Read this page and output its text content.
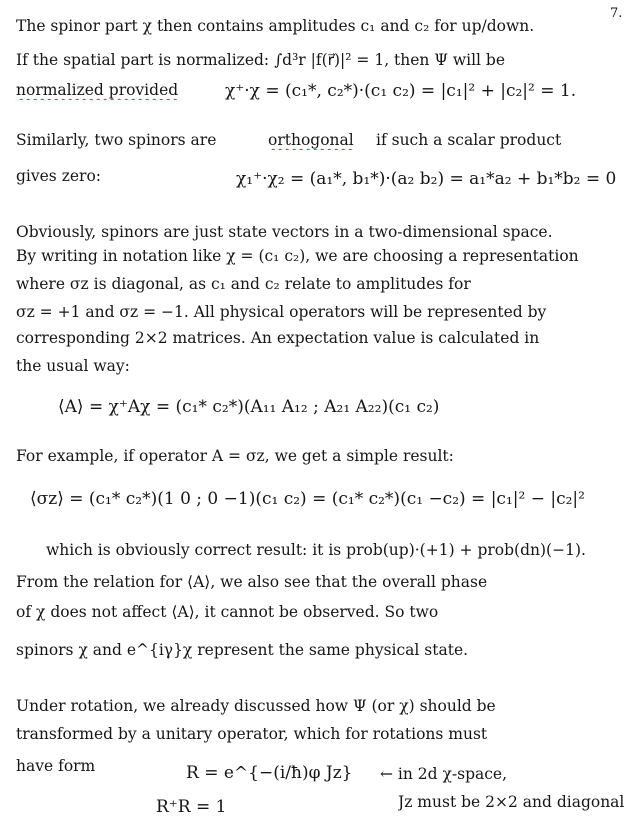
7.
The spinor part χ then contains amplitudes c₁ and c₂ for up/down.
If the spatial part is normalized: ∫d³r |f(r⃗)|² = 1, then Ψ will be
normalized provided	χ⁺·χ = (c₁*, c₂*)·(c₁ c₂) = |c₁|² + |c₂|² = 1.
Similarly, two spinors are	orthogonal	if such a scalar product
gives zero:	χ₁⁺·χ₂ = (a₁*, b₁*)·(a₂ b₂) = a₁*a₂ + b₁*b₂ = 0
Obviously, spinors are just state vectors in a two-dimensional space.
By writing in notation like χ = (c₁ c₂), we are choosing a representation
where σz is diagonal, as c₁ and c₂ relate to amplitudes for
σz = +1 and σz = −1. All physical operators will be represented by
corresponding 2×2 matrices. An expectation value is calculated in
the usual way:
⟨A⟩ = χ⁺Aχ = (c₁* c₂*)(A₁₁ A₁₂ ; A₂₁ A₂₂)(c₁ c₂)
For example, if operator A = σz, we get a simple result:
⟨σz⟩ = (c₁* c₂*)(1 0 ; 0 −1)(c₁ c₂) = (c₁* c₂*)(c₁ −c₂) = |c₁|² − |c₂|²
which is obviously correct result: it is prob(up)·(+1) + prob(dn)(−1).
From the relation for ⟨A⟩, we also see that the overall phase
of χ does not affect ⟨A⟩, it cannot be observed. So two
spinors χ and e^{iγ}χ represent the same physical state.
Under rotation, we already discussed how Ψ (or χ) should be
transformed by a unitary operator, which for rotations must
have form	R = e^{−(i/ħ)φ Jz} ← in 2d χ-space,
R⁺R = 1	Jz must be 2×2 and diagonal
